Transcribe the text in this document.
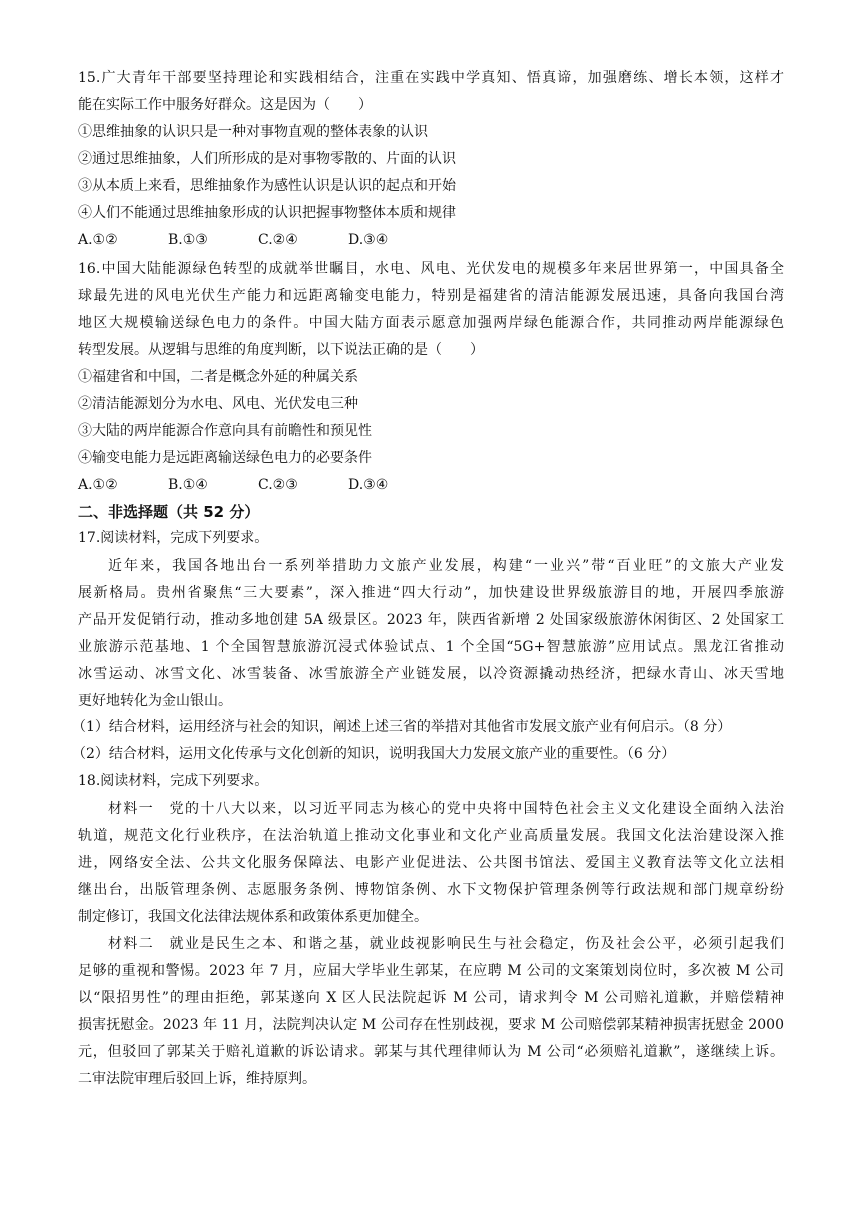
15.广大青年干部要坚持理论和实践相结合，注重在实践中学真知、悟真谛，加强磨练、增长本领，这样才
能在实际工作中服务好群众。这是因为（　　）
①思维抽象的认识只是一种对事物直观的整体表象的认识
②通过思维抽象，人们所形成的是对事物零散的、片面的认识
③从本质上来看，思维抽象作为感性认识是认识的起点和开始
④人们不能通过思维抽象形成的认识把握事物整体本质和规律
A.①②	B.①③	C.②④	D.③④
16.中国大陆能源绿色转型的成就举世瞩目，水电、风电、光伏发电的规模多年来居世界第一，中国具备全
球最先进的风电光伏生产能力和远距离输变电能力，特别是福建省的清洁能源发展迅速，具备向我国台湾
地区大规模输送绿色电力的条件。中国大陆方面表示愿意加强两岸绿色能源合作，共同推动两岸能源绿色
转型发展。从逻辑与思维的角度判断，以下说法正确的是（　　）
①福建省和中国，二者是概念外延的种属关系
②清洁能源划分为水电、风电、光伏发电三种
③大陆的两岸能源合作意向具有前瞻性和预见性
④输变电能力是远距离输送绿色电力的必要条件
A.①②	B.①④	C.②③	D.③④
二、非选择题（共 52 分）
17.阅读材料，完成下列要求。
近年来，我国各地出台一系列举措助力文旅产业发展，构建“一业兴”带“百业旺”的文旅大产业发
展新格局。贵州省聚焦“三大要素”，深入推进“四大行动”，加快建设世界级旅游目的地，开展四季旅游
产品开发促销行动，推动多地创建 5A 级景区。2023 年，陕西省新增 2 处国家级旅游休闲街区、2 处国家工
业旅游示范基地、1 个全国智慧旅游沉浸式体验试点、1 个全国“5G+智慧旅游”应用试点。黑龙江省推动
冰雪运动、冰雪文化、冰雪装备、冰雪旅游全产业链发展，以冷资源撬动热经济，把绿水青山、冰天雪地
更好地转化为金山银山。
（1）结合材料，运用经济与社会的知识，阐述上述三省的举措对其他省市发展文旅产业有何启示。（8 分）
（2）结合材料，运用文化传承与文化创新的知识，说明我国大力发展文旅产业的重要性。（6 分）
18.阅读材料，完成下列要求。
材料一　党的十八大以来，以习近平同志为核心的党中央将中国特色社会主义文化建设全面纳入法治
轨道，规范文化行业秩序，在法治轨道上推动文化事业和文化产业高质量发展。我国文化法治建设深入推
进，网络安全法、公共文化服务保障法、电影产业促进法、公共图书馆法、爱国主义教育法等文化立法相
继出台，出版管理条例、志愿服务条例、博物馆条例、水下文物保护管理条例等行政法规和部门规章纷纷
制定修订，我国文化法律法规体系和政策体系更加健全。
材料二　就业是民生之本、和谐之基，就业歧视影响民生与社会稳定，伤及社会公平，必须引起我们
足够的重视和警惕。2023 年 7 月，应届大学毕业生郭某，在应聘 M 公司的文案策划岗位时，多次被 M 公司
以“限招男性”的理由拒绝，郭某遂向 X 区人民法院起诉 M 公司，请求判令 M 公司赔礼道歉，并赔偿精神
损害抚慰金。2023 年 11 月，法院判决认定 M 公司存在性别歧视，要求 M 公司赔偿郭某精神损害抚慰金 2000
元，但驳回了郭某关于赔礼道歉的诉讼请求。郭某与其代理律师认为 M 公司“必须赔礼道歉”，遂继续上诉。
二审法院审理后驳回上诉，维持原判。
